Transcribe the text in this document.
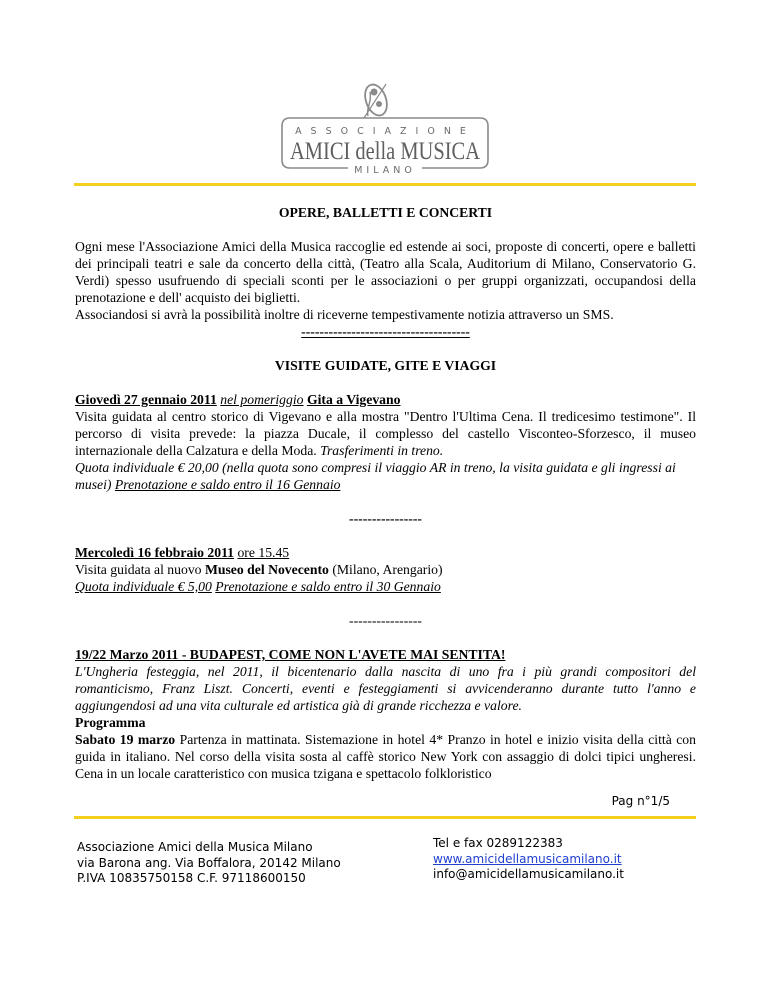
ASSOCIAZIONE
AMICI della MUSICA
MILANO

OPERE, BALLETTI E CONCERTI

Ogni mese l'Associazione Amici della Musica raccoglie ed estende ai soci, proposte di concerti, opere e balletti dei principali teatri e sale da concerto della città, (Teatro alla Scala, Auditorium di Milano, Conservatorio G. Verdi) spesso usufruendo di speciali sconti per le associazioni o per gruppi organizzati, occupandosi della prenotazione e dell' acquisto dei biglietti.

Associandosi si avrà la possibilità inoltre di riceverne tempestivamente notizia attraverso un SMS.

-------------------------------------

VISITE GUIDATE, GITE E VIAGGI

Giovedì 27 gennaio 2011 nel pomeriggio Gita a Vigevano

Visita guidata al centro storico di Vigevano e alla mostra "Dentro l'Ultima Cena. Il tredicesimo testimone". Il percorso di visita prevede: la piazza Ducale, il complesso del castello Visconteo-Sforzesco, il museo internazionale della Calzatura e della Moda. Trasferimenti in treno.

Quota individuale € 20,00 (nella quota sono compresi il viaggio AR in treno, la visita guidata e gli ingressi ai musei) Prenotazione e saldo entro il 16 Gennaio

----------------

Mercoledì 16 febbraio 2011 ore 15.45

Visita guidata al nuovo Museo del Novecento (Milano, Arengario)

Quota individuale € 5,00 Prenotazione e saldo entro il 30 Gennaio

----------------

19/22 Marzo 2011 - BUDAPEST, COME NON L'AVETE MAI SENTITA!

L'Ungheria festeggia, nel 2011, il bicentenario dalla nascita di uno fra i più grandi compositori del romanticismo, Franz Liszt. Concerti, eventi e festeggiamenti si avvicenderanno durante tutto l'anno e aggiungendosi ad una vita culturale ed artistica già di grande ricchezza e valore.

Programma

Sabato 19 marzo Partenza in mattinata. Sistemazione in hotel 4* Pranzo in hotel e inizio visita della città con guida in italiano. Nel corso della visita sosta al caffè storico New York con assaggio di dolci tipici ungheresi. Cena in un locale caratteristico con musica tzigana e spettacolo folkloristico

Pag n°1/5
Associazione Amici della Musica Milano
via Barona ang. Via Boffalora, 20142 Milano
P.IVA 10835750158 C.F. 97118600150
Tel e fax 0289122383
www.amicidellamusicamilano.it
info@amicidellamusicamilano.it
